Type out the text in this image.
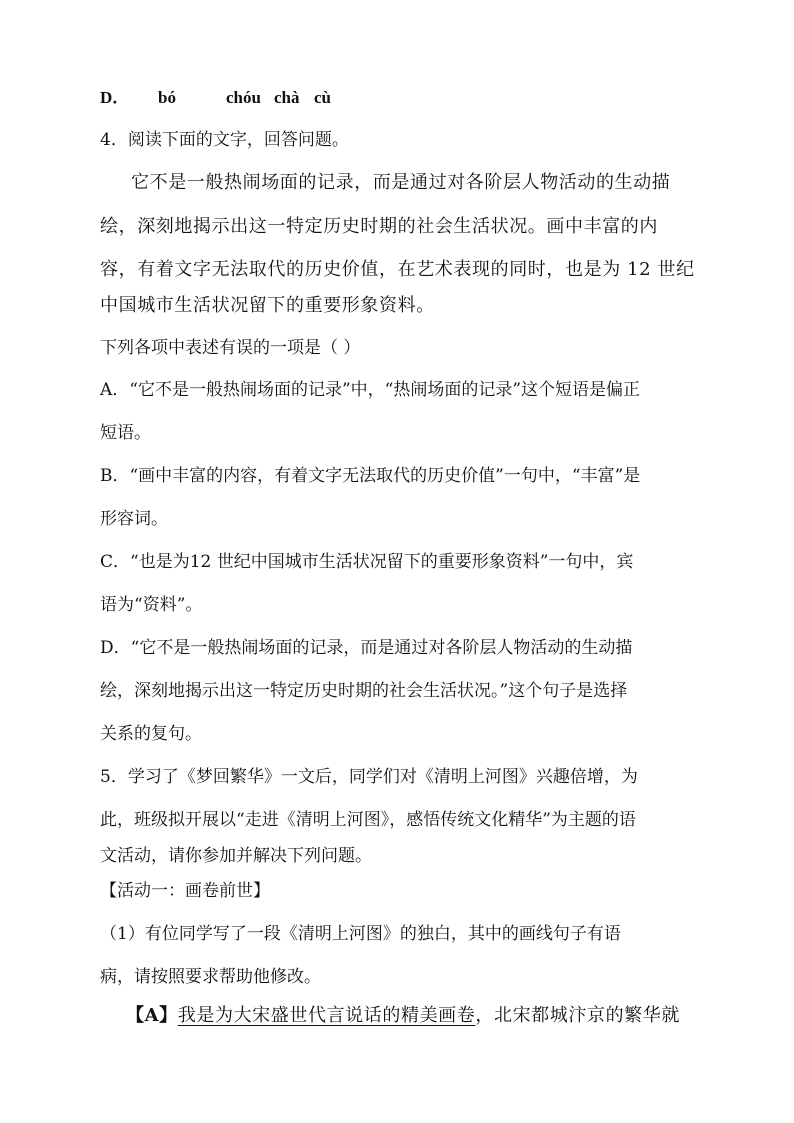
D． bó	chóu chà cù
4．阅读下面的文字，回答问题。
它不是一般热闹场面的记录，而是通过对各阶层人物活动的生动描
绘，深刻地揭示出这一特定历史时期的社会生活状况。画中丰富的内
容，有着文字无法取代的历史价值，在艺术表现的同时，也是为 12 世纪
中国城市生活状况留下的重要形象资料。
下列各项中表述有误的一项是（ ）
A．“它不是一般热闹场面的记录”中，“热闹场面的记录”这个短语是偏正
短语。
B．“画中丰富的内容，有着文字无法取代的历史价值”一句中，“丰富”是
形容词。
C．“也是为12 世纪中国城市生活状况留下的重要形象资料”一句中，宾
语为“资料”。
D．“它不是一般热闹场面的记录，而是通过对各阶层人物活动的生动描
绘，深刻地揭示出这一特定历史时期的社会生活状况。”这个句子是选择
关系的复句。
5．学习了《梦回繁华》一文后，同学们对《清明上河图》兴趣倍增，为
此，班级拟开展以“走进《清明上河图》，感悟传统文化精华”为主题的语
文活动，请你参加并解决下列问题。
【活动一：画卷前世】
（1）有位同学写了一段《清明上河图》的独白，其中的画线句子有语
病，请按照要求帮助他修改。
【A】我是为大宋盛世代言说话的精美画卷，北宋都城汴京的繁华就
